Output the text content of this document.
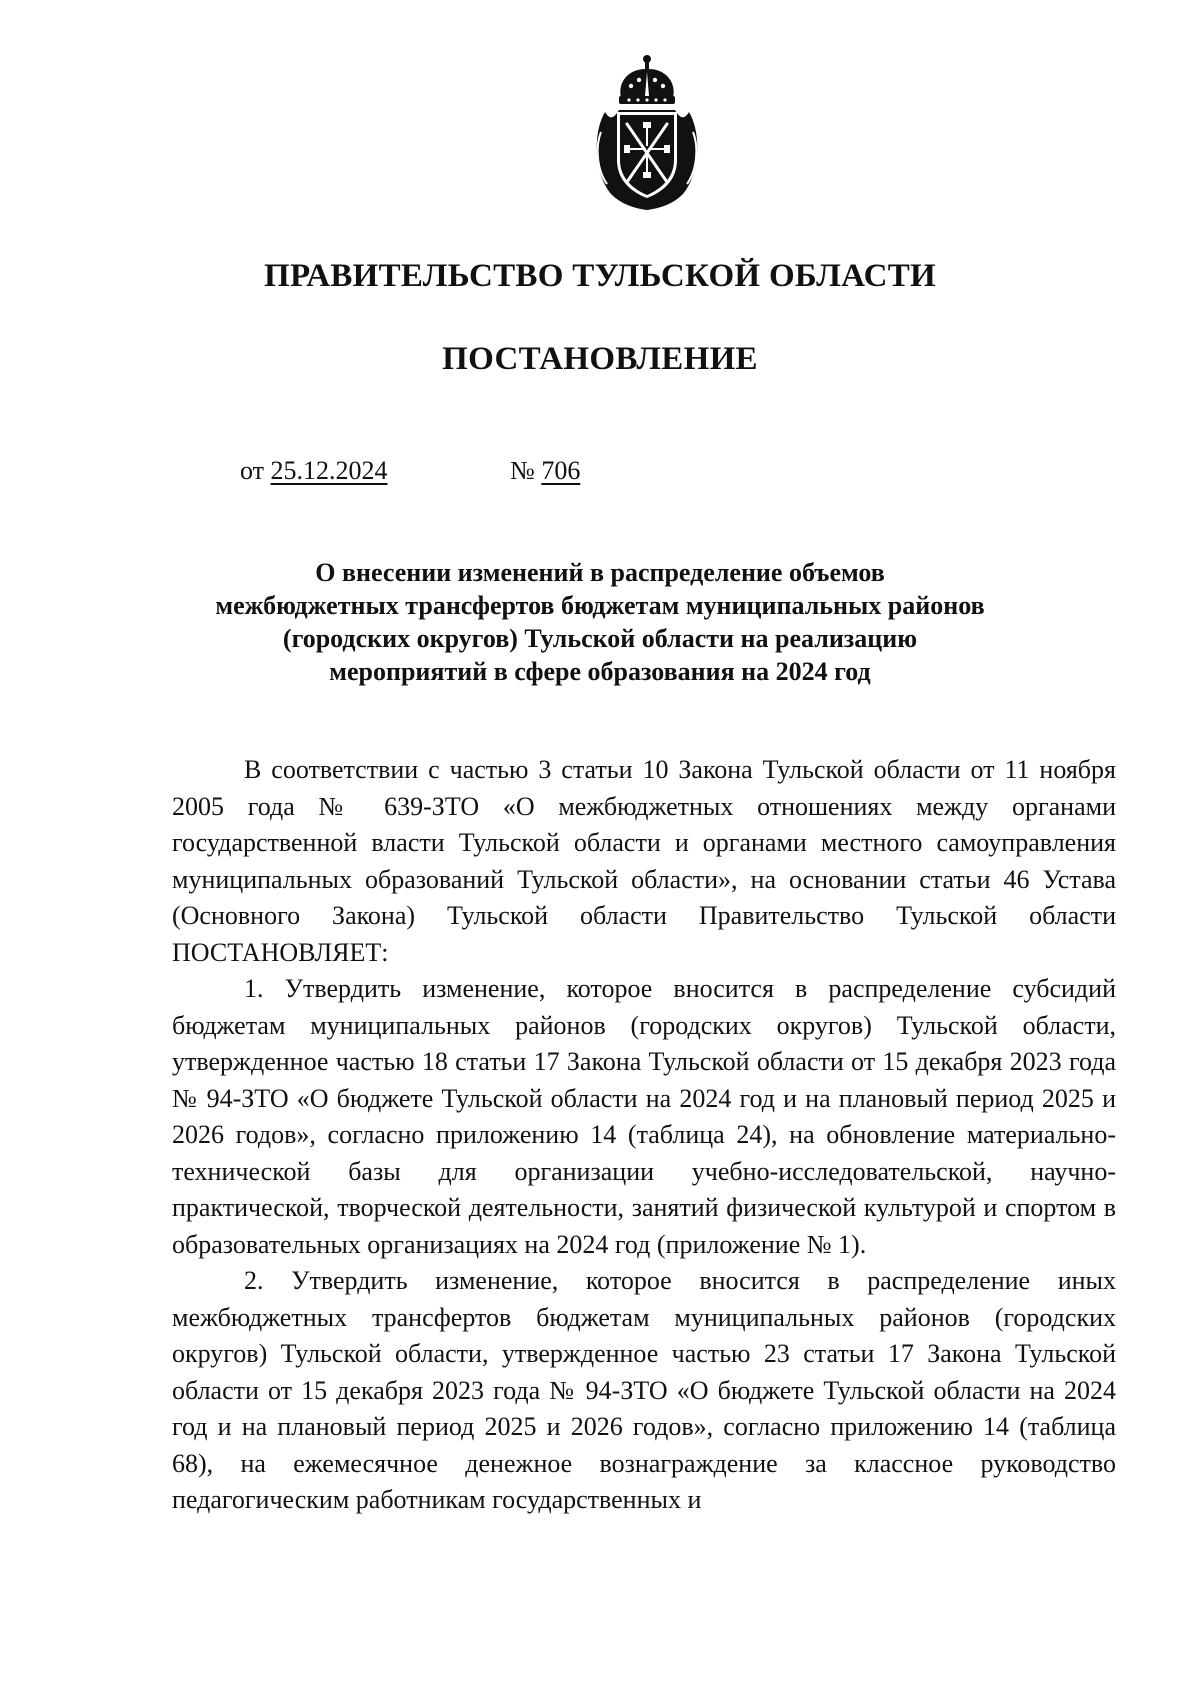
ПРАВИТЕЛЬСТВО ТУЛЬСКОЙ ОБЛАСТИ
ПОСТАНОВЛЕНИЕ
от 25.12.2024	№ 706
О внесении изменений в распределение объемов
межбюджетных трансфертов бюджетам муниципальных районов
(городских округов) Тульской области на реализацию
мероприятий в сфере образования на 2024 год

В соответствии с частью 3 статьи 10 Закона Тульской области от 11 ноября 2005 года № 639-ЗТО «О межбюджетных отношениях между органами государственной власти Тульской области и органами местного самоуправления муниципальных образований Тульской области», на основании статьи 46 Устава (Основного Закона) Тульской области Правительство Тульской области ПОСТАНОВЛЯЕТ:

1. Утвердить изменение, которое вносится в распределение субсидий бюджетам муниципальных районов (городских округов) Тульской области, утвержденное частью 18 статьи 17 Закона Тульской области от 15 декабря 2023 года № 94-ЗТО «О бюджете Тульской области на 2024 год и на плановый период 2025 и 2026 годов», согласно приложению 14 (таблица 24), на обновление материально-технической базы для организации учебно-исследовательской, научно-практической, творческой деятельности, занятий физической культурой и спортом в образовательных организациях на 2024 год (приложение № 1).

2. Утвердить изменение, которое вносится в распределение иных межбюджетных трансфертов бюджетам муниципальных районов (городских округов) Тульской области, утвержденное частью 23 статьи 17 Закона Тульской области от 15 декабря 2023 года № 94-ЗТО «О бюджете Тульской области на 2024 год и на плановый период 2025 и 2026 годов», согласно приложению 14 (таблица 68), на ежемесячное денежное вознаграждение за классное руководство педагогическим работникам государственных и
